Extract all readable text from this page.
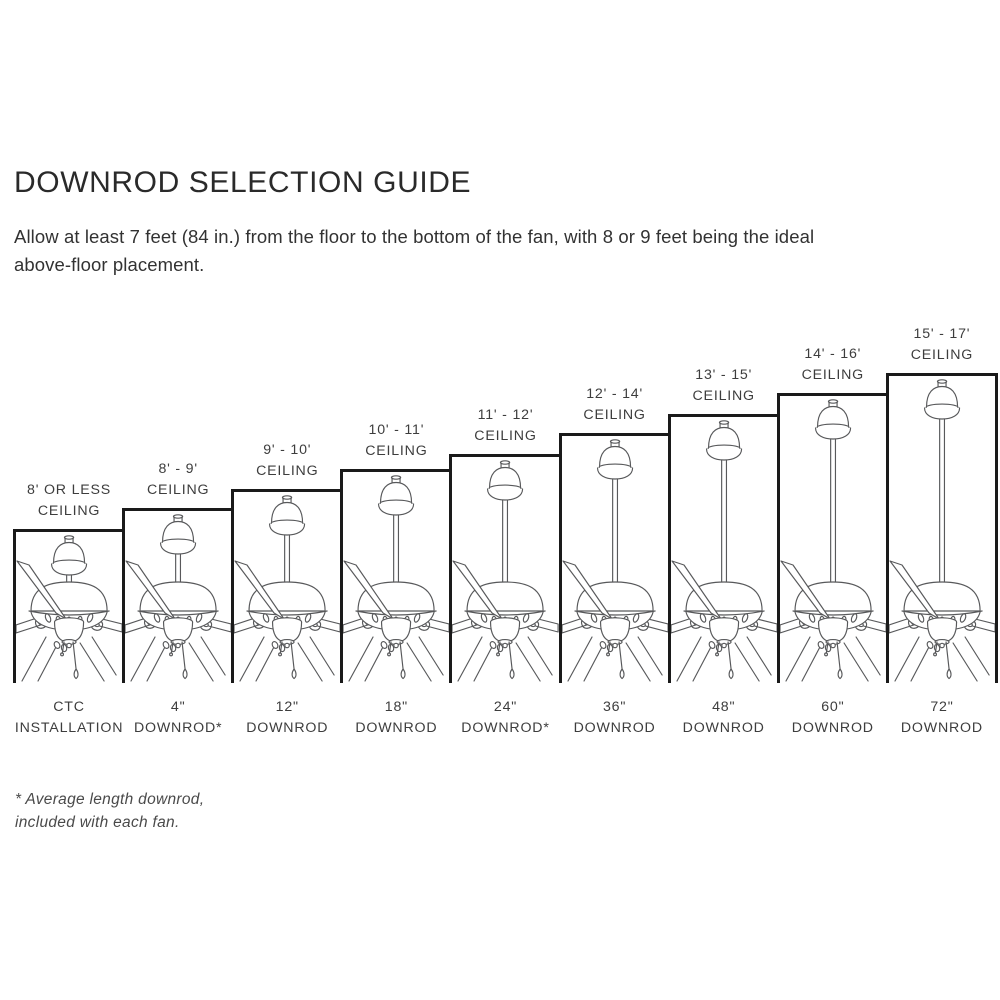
DOWNROD SELECTION GUIDE
Allow at least 7 feet (84 in.) from the floor to the bottom of the fan, with 8 or 9 feet being the ideal
above-floor placement.
8' OR LESS
CEILING
CTC
INSTALLATION
8' - 9'
CEILING
4"
DOWNROD*
9' - 10'
CEILING
12"
DOWNROD
10' - 11'
CEILING
18"
DOWNROD
11' - 12'
CEILING
24"
DOWNROD*
12' - 14'
CEILING
36"
DOWNROD
13' - 15'
CEILING
48"
DOWNROD
14' - 16'
CEILING
60"
DOWNROD
15' - 17'
CEILING
72"
DOWNROD
* Average length downrod,
included with each fan.
